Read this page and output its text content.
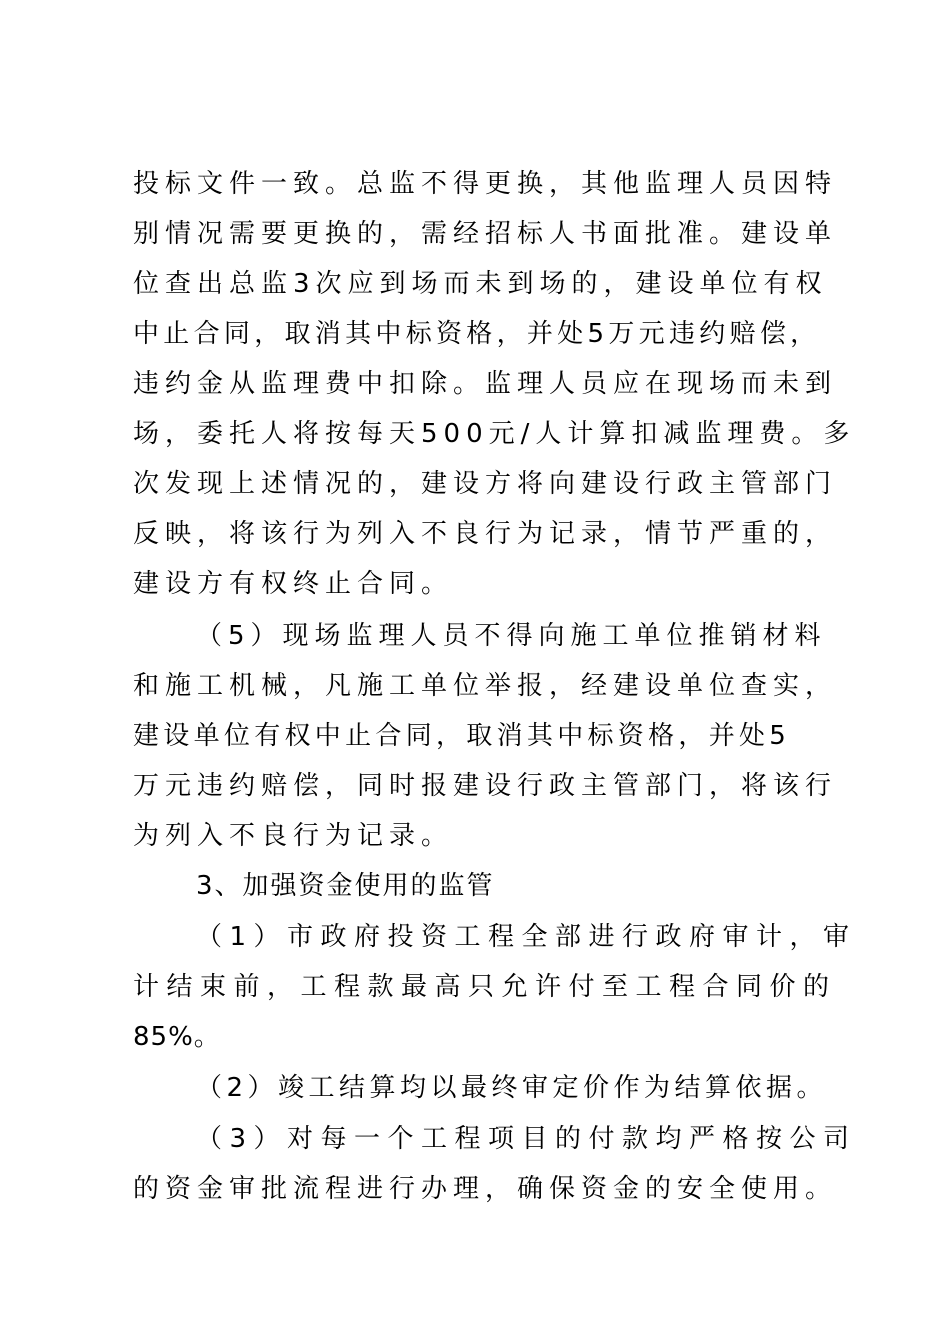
投标文件一致。总监不得更换，其他监理人员因特
别情况需要更换的，需经招标人书面批准。建设单
位查出总监3次应到场而未到场的，建设单位有权
中止合同，取消其中标资格，并处5万元违约赔偿，
违约金从监理费中扣除。监理人员应在现场而未到
场，委托人将按每天500元/人计算扣减监理费。多
次发现上述情况的，建设方将向建设行政主管部门
反映，将该行为列入不良行为记录，情节严重的，
建设方有权终止合同。
（5）现场监理人员不得向施工单位推销材料
和施工机械，凡施工单位举报，经建设单位查实，
建设单位有权中止合同，取消其中标资格，并处5
万元违约赔偿，同时报建设行政主管部门，将该行
为列入不良行为记录。
3、加强资金使用的监管
（1）市政府投资工程全部进行政府审计，审
计结束前，工程款最高只允许付至工程合同价的
85%。
（2）竣工结算均以最终审定价作为结算依据。
（3）对每一个工程项目的付款均严格按公司
的资金审批流程进行办理，确保资金的安全使用。
